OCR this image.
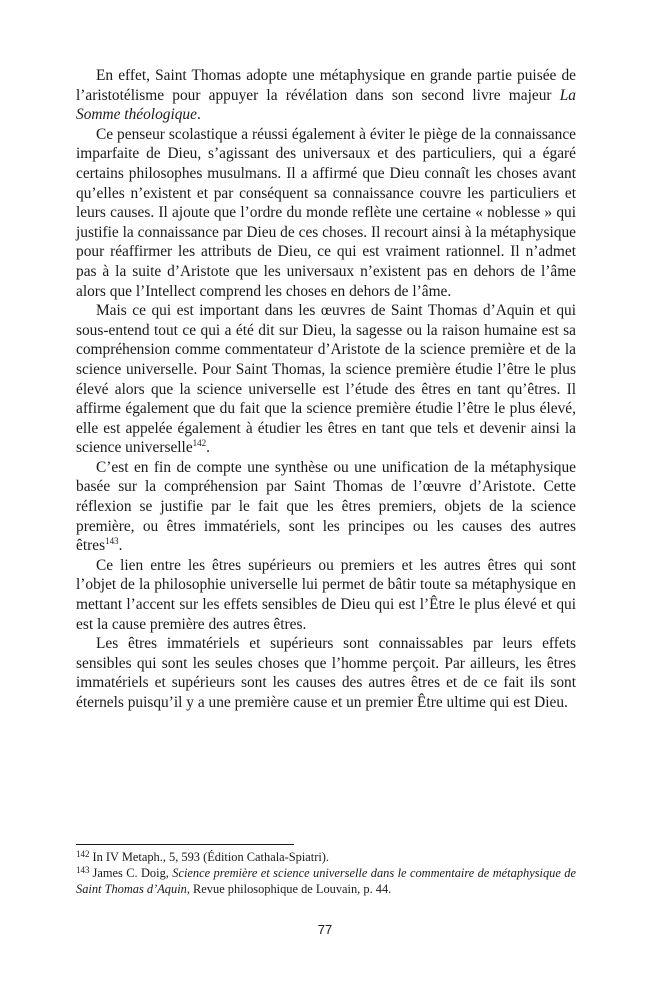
En effet, Saint Thomas adopte une métaphysique en grande partie puisée de l’aristotélisme pour appuyer la révélation dans son second livre majeur La Somme théologique.

Ce penseur scolastique a réussi également à éviter le piège de la connaissance imparfaite de Dieu, s’agissant des universaux et des particuliers, qui a égaré certains philosophes musulmans. Il a affirmé que Dieu connaît les choses avant qu’elles n’existent et par conséquent sa connaissance couvre les particuliers et leurs causes. Il ajoute que l’ordre du monde reflète une certaine « noblesse » qui justifie la connaissance par Dieu de ces choses. Il recourt ainsi à la métaphysique pour réaffirmer les attributs de Dieu, ce qui est vraiment rationnel. Il n’admet pas à la suite d’Aristote que les universaux n’existent pas en dehors de l’âme alors que l’Intellect comprend les choses en dehors de l’âme.

Mais ce qui est important dans les œuvres de Saint Thomas d’Aquin et qui sous-entend tout ce qui a été dit sur Dieu, la sagesse ou la raison humaine est sa compréhension comme commentateur d’Aristote de la science première et de la science universelle. Pour Saint Thomas, la science première étudie l’être le plus élevé alors que la science universelle est l’étude des êtres en tant qu’êtres. Il affirme également que du fait que la science première étudie l’être le plus élevé, elle est appelée également à étudier les êtres en tant que tels et devenir ainsi la science universelle$^{142}$.

C’est en fin de compte une synthèse ou une unification de la métaphysique basée sur la compréhension par Saint Thomas de l’œuvre d’Aristote. Cette réflexion se justifie par le fait que les êtres premiers, objets de la science première, ou êtres immatériels, sont les principes ou les causes des autres êtres$^{143}$.

Ce lien entre les êtres supérieurs ou premiers et les autres êtres qui sont l’objet de la philosophie universelle lui permet de bâtir toute sa métaphysique en mettant l’accent sur les effets sensibles de Dieu qui est l’Être le plus élevé et qui est la cause première des autres êtres.

Les êtres immatériels et supérieurs sont connaissables par leurs effets sensibles qui sont les seules choses que l’homme perçoit. Par ailleurs, les êtres immatériels et supérieurs sont les causes des autres êtres et de ce fait ils sont éternels puisqu’il y a une première cause et un premier Être ultime qui est Dieu.

$^{142}$ In IV Metaph., 5, 593 (Édition Cathala-Spiatri).

$^{143}$ James C. Doig, Science première et science universelle dans le commentaire de métaphysique de Saint Thomas d’Aquin, Revue philosophique de Louvain, p. 44.

77
